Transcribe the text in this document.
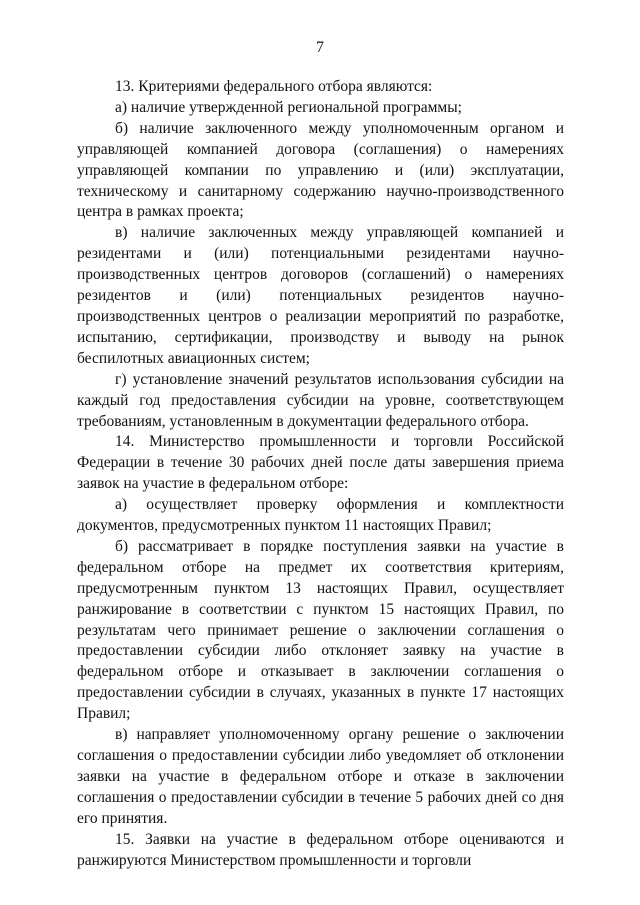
7

13. Критериями федерального отбора являются:

а) наличие утвержденной региональной программы;

б) наличие заключенного между уполномоченным органом и управляющей компанией договора (соглашения) о намерениях управляющей компании по управлению и (или) эксплуатации, техническому и санитарному содержанию научно-производственного центра в рамках проекта;

в) наличие заключенных между управляющей компанией и резидентами и (или) потенциальными резидентами научно-производственных центров договоров (соглашений) о намерениях резидентов и (или) потенциальных резидентов научно-производственных центров о реализации мероприятий по разработке, испытанию, сертификации, производству и выводу на рынок беспилотных авиационных систем;

г) установление значений результатов использования субсидии на каждый год предоставления субсидии на уровне, соответствующем требованиям, установленным в документации федерального отбора.

14. Министерство промышленности и торговли Российской Федерации в течение 30 рабочих дней после даты завершения приема заявок на участие в федеральном отборе:

а) осуществляет проверку оформления и комплектности документов, предусмотренных пунктом 11 настоящих Правил;

б) рассматривает в порядке поступления заявки на участие в федеральном отборе на предмет их соответствия критериям, предусмотренным пунктом 13 настоящих Правил, осуществляет ранжирование в соответствии с пунктом 15 настоящих Правил, по результатам чего принимает решение о заключении соглашения о предоставлении субсидии либо отклоняет заявку на участие в федеральном отборе и отказывает в заключении соглашения о предоставлении субсидии в случаях, указанных в пункте 17 настоящих Правил;

в) направляет уполномоченному органу решение о заключении соглашения о предоставлении субсидии либо уведомляет об отклонении заявки на участие в федеральном отборе и отказе в заключении соглашения о предоставлении субсидии в течение 5 рабочих дней со дня его принятия.

15. Заявки на участие в федеральном отборе оцениваются и ранжируются Министерством промышленности и торговли
